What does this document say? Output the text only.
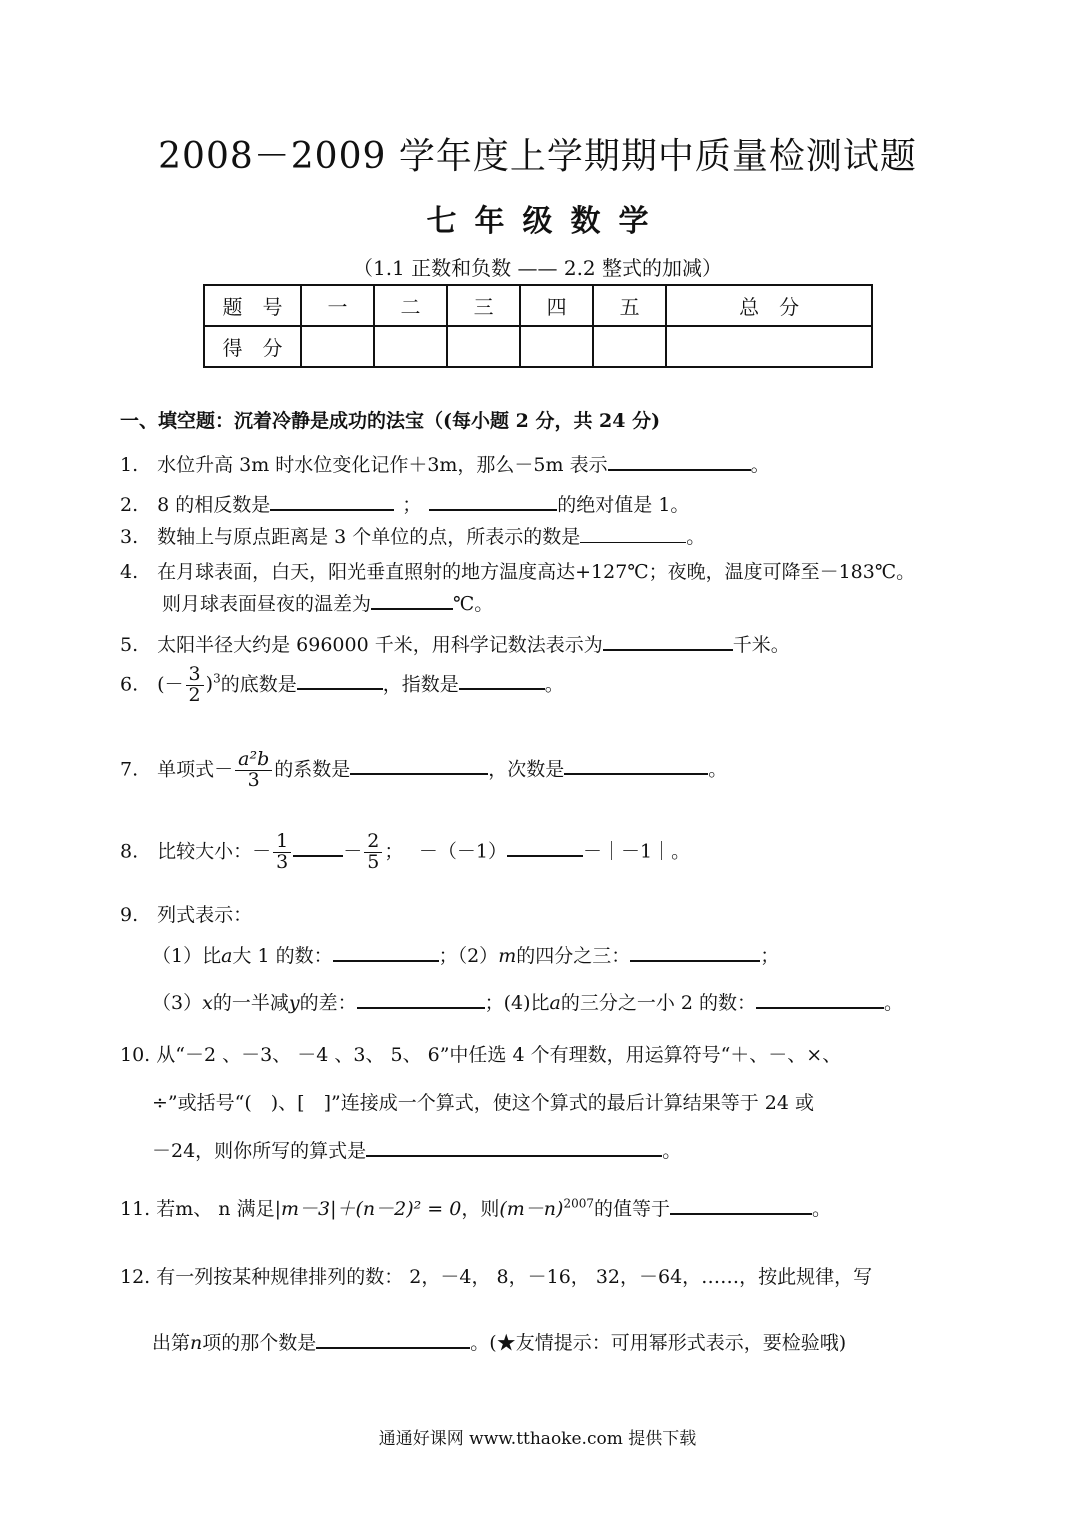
2008－2009 学年度上学期期中质量检测试题
七年级数学
（1.1 正数和负数 —— 2.2 整式的加减）
题　号	一	二	三	四	五	总　分
得　分						
一、填空题：沉着冷静是成功的法宝（(每小题 2 分，共 24 分)
1.　水位升高 3m 时水位变化记作＋3m，那么－5m 表示	。
2.　8 的相反数是	；	的绝对值是 1。
3.　数轴上与原点距离是 3 个单位的点，所表示的数是	。
4.　在月球表面，白天，阳光垂直照射的地方温度高达+127℃；夜晚，温度可降至－183℃。
则月球表面昼夜的温差为	℃。
5.　太阳半径大约是 696000 千米，用科学记数法表示为	千米。
6.　(－ $\frac{3}{2} )^3$的底数是	，指数是	。
7.　单项式－ $\frac{\text{a²b}}{3}$ 的系数是	，次数是	。
8.　比较大小：－ $\frac{1}{3}$	－ $\frac{2}{5}$ ；　 －（－1）	－｜－1｜。
9.　列式表示：
（1）比a大 1 的数：	；（2）m的四分之三：	；
（3）x的一半减y的差：	；(4)比a的三分之一小 2 的数：	。
10. 从“－2 、－3、 －4 、3、 5、 6”中任选 4 个有理数，用运算符号“＋、－、×、
÷”或括号“(　)、[　]”连接成一个算式，使这个算式的最后计算结果等于 24 或
－24，则你所写的算式是	。
11. 若m、 n 满足|m－3|＋(n－2)² = 0，则$(m-n)^{2007}$的值等于	。
12. 有一列按某种规律排列的数： 2，－4， 8，－16， 32，－64，……，按此规律，写
出第n项的那个数是	。(★友情提示：可用幂形式表示，要检验哦)
通通好课网 www.tthaoke.com 提供下载
